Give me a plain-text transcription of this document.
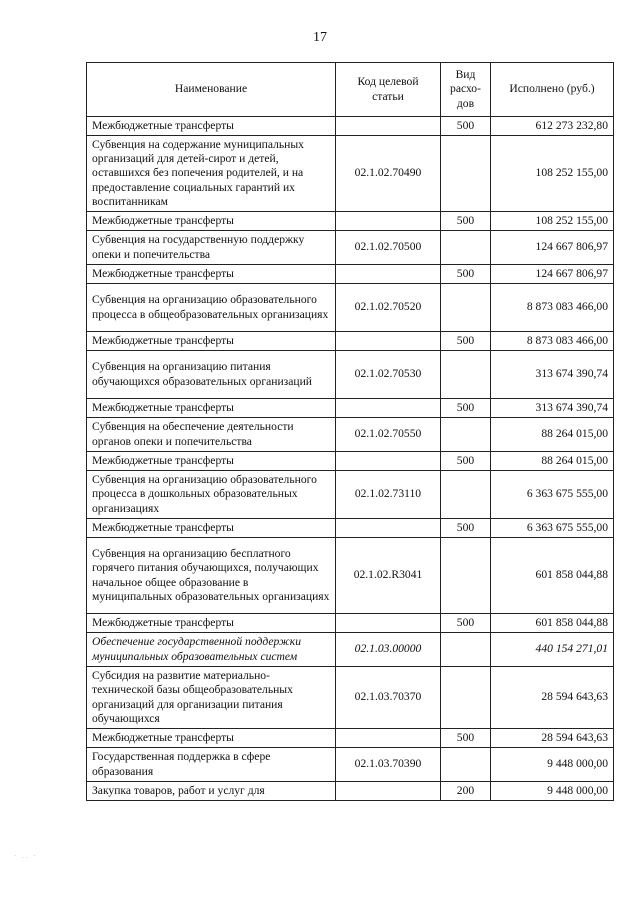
17
Наименование	Код целевой статьи	Вид расхо-дов	Исполнено (руб.)
Межбюджетные трансферты		500	612 273 232,80
Субвенция на содержание муниципальных организаций для детей-сирот и детей, оставшихся без попечения родителей, и на предоставление социальных гарантий их воспитанникам	02.1.02.70490		108 252 155,00
Межбюджетные трансферты		500	108 252 155,00
Субвенция на государственную поддержку опеки и попечительства	02.1.02.70500		124 667 806,97
Межбюджетные трансферты		500	124 667 806,97
Субвенция на организацию образовательного процесса в общеобразовательных организациях	02.1.02.70520		8 873 083 466,00
Межбюджетные трансферты		500	8 873 083 466,00
Субвенция на организацию питания обучающихся образовательных организаций	02.1.02.70530		313 674 390,74
Межбюджетные трансферты		500	313 674 390,74
Субвенция на обеспечение деятельности органов опеки и попечительства	02.1.02.70550		88 264 015,00
Межбюджетные трансферты		500	88 264 015,00
Субвенция на организацию образовательного процесса в дошкольных образовательных организациях	02.1.02.73110		6 363 675 555,00
Межбюджетные трансферты		500	6 363 675 555,00
Субвенция на организацию бесплатного горячего питания обучающихся, получающих начальное общее образование в муниципальных образовательных организациях	02.1.02.R3041		601 858 044,88
Межбюджетные трансферты		500	601 858 044,88
Обеспечение государственной поддержки муниципальных образовательных систем	02.1.03.00000		440 154 271,01
Субсидия на развитие материально-технической базы общеобразовательных организаций для организации питания обучающихся	02.1.03.70370		28 594 643,63
Межбюджетные трансферты		500	28 594 643,63
Государственная поддержка в сфере образования	02.1.03.70390		9 448 000,00
Закупка товаров, работ и услуг для		200	9 448 000,00
· .. ·
